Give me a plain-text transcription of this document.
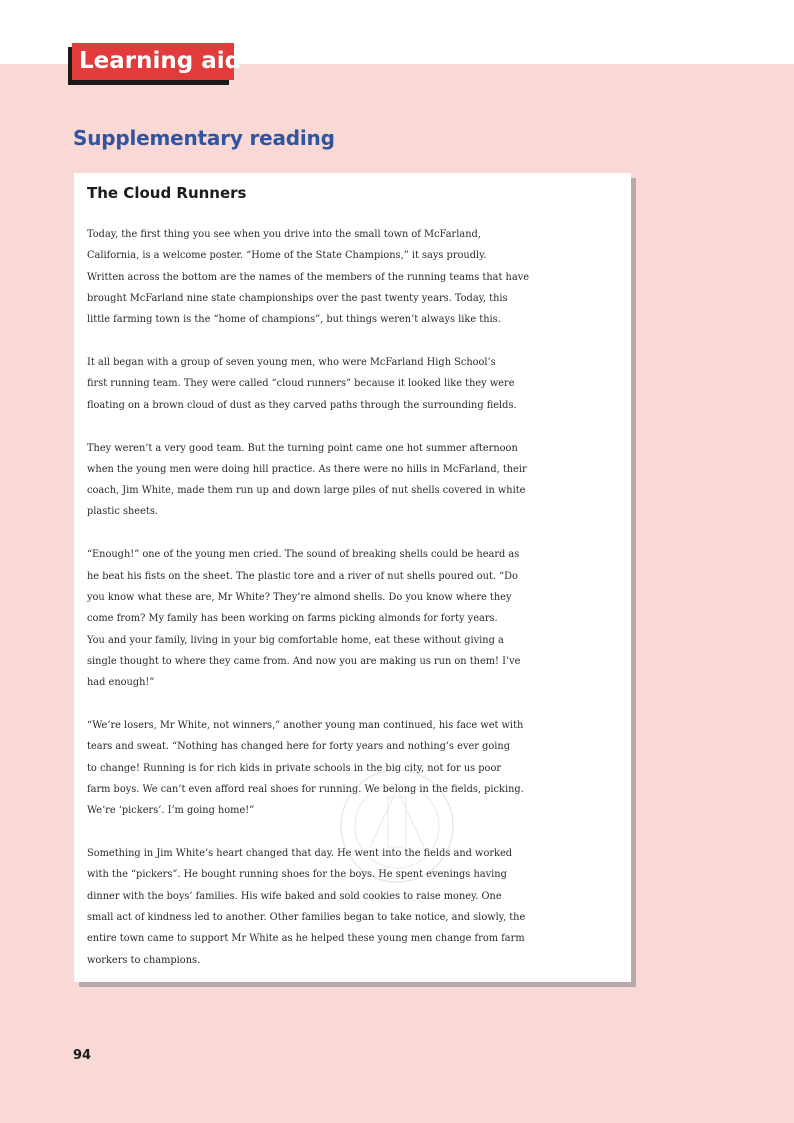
Learning aid
Supplementary reading
The Cloud Runners
Today, the first thing you see when you drive into the small town of McFarland,
California, is a welcome poster. “Home of the State Champions,” it says proudly.
Written across the bottom are the names of the members of the running teams that have
brought McFarland nine state championships over the past twenty years. Today, this
little farming town is the “home of champions”, but things weren’t always like this.
It all began with a group of seven young men, who were McFarland High School’s
first running team. They were called “cloud runners” because it looked like they were
floating on a brown cloud of dust as they carved paths through the surrounding fields.
They weren’t a very good team. But the turning point came one hot summer afternoon
when the young men were doing hill practice. As there were no hills in McFarland, their
coach, Jim White, made them run up and down large piles of nut shells covered in white
plastic sheets.
“Enough!” one of the young men cried. The sound of breaking shells could be heard as
he beat his fists on the sheet. The plastic tore and a river of nut shells poured out. “Do
you know what these are, Mr White? They’re almond shells. Do you know where they
come from? My family has been working on farms picking almonds for forty years.
You and your family, living in your big comfortable home, eat these without giving a
single thought to where they came from. And now you are making us run on them! I’ve
had enough!”
“We’re losers, Mr White, not winners,” another young man continued, his face wet with
tears and sweat. “Nothing has changed here for forty years and nothing’s ever going
to change! Running is for rich kids in private schools in the big city, not for us poor
farm boys. We can’t even afford real shoes for running. We belong in the fields, picking.
We’re ‘pickers’. I’m going home!”
Something in Jim White’s heart changed that day. He went into the fields and worked
with the “pickers”. He bought running shoes for the boys. He spent evenings having
dinner with the boys’ families. His wife baked and sold cookies to raise money. One
small act of kindness led to another. Other families began to take notice, and slowly, the
entire town came to support Mr White as he helped these young men change from farm
workers to champions.
94
